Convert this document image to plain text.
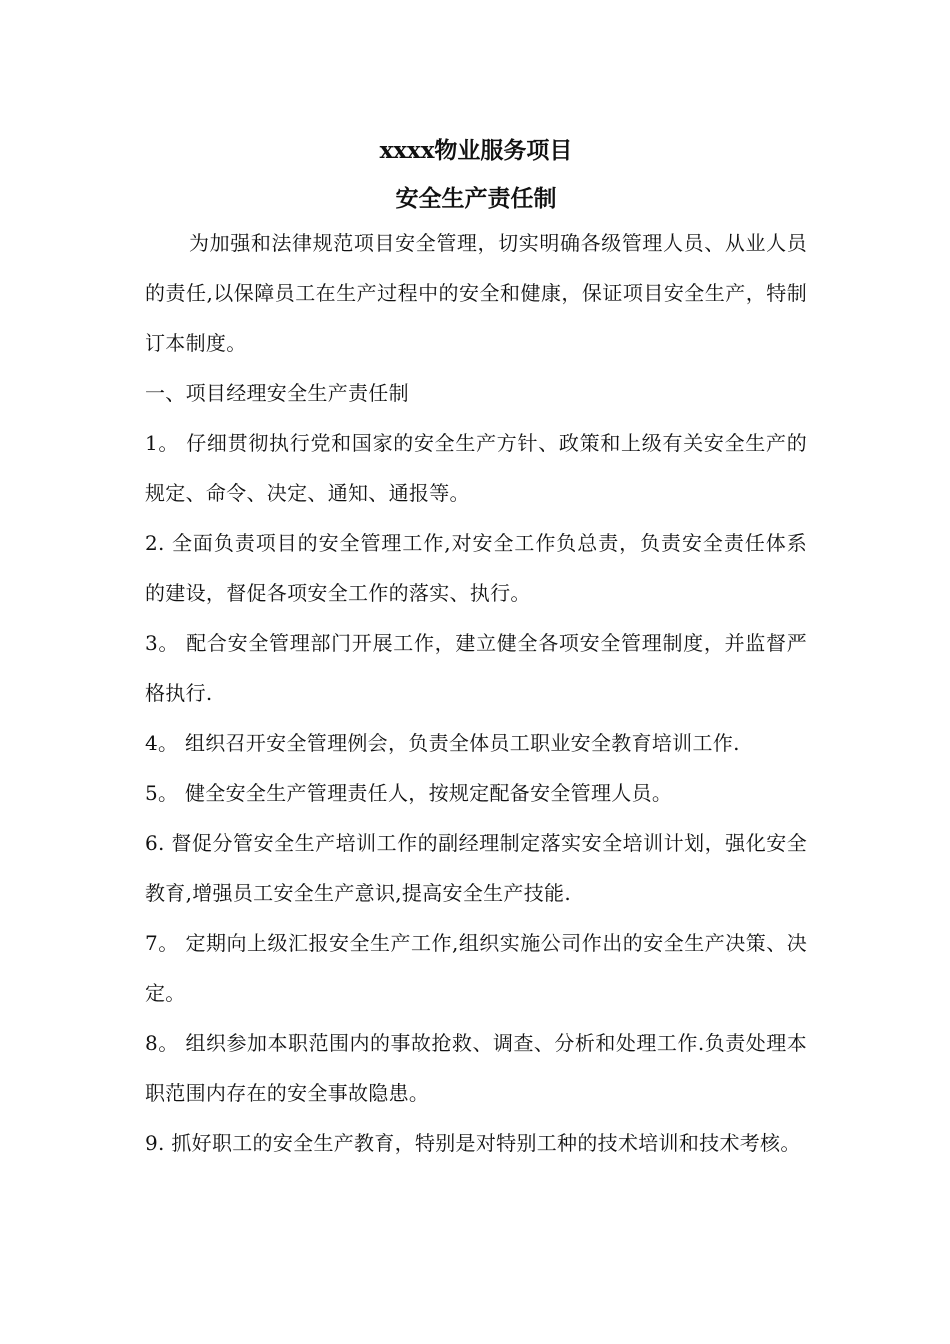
xxxx物业服务项目
安全生产责任制

为加强和法律规范项目安全管理，切实明确各级管理人员、从业人员的责任,以保障员工在生产过程中的安全和健康，保证项目安全生产，特制订本制度。

一、项目经理安全生产责任制

1。 仔细贯彻执行党和国家的安全生产方针、政策和上级有关安全生产的规定、命令、决定、通知、通报等。

2. 全面负责项目的安全管理工作,对安全工作负总责，负责安全责任体系的建设，督促各项安全工作的落实、执行。

3。 配合安全管理部门开展工作，建立健全各项安全管理制度，并监督严格执行.

4。 组织召开安全管理例会，负责全体员工职业安全教育培训工作.

5。 健全安全生产管理责任人，按规定配备安全管理人员。

6. 督促分管安全生产培训工作的副经理制定落实安全培训计划，强化安全教育,增强员工安全生产意识,提高安全生产技能.

7。 定期向上级汇报安全生产工作,组织实施公司作出的安全生产决策、决定。

8。 组织参加本职范围内的事故抢救、调查、分析和处理工作.负责处理本职范围内存在的安全事故隐患。

9. 抓好职工的安全生产教育，特别是对特别工种的技术培训和技术考核。
